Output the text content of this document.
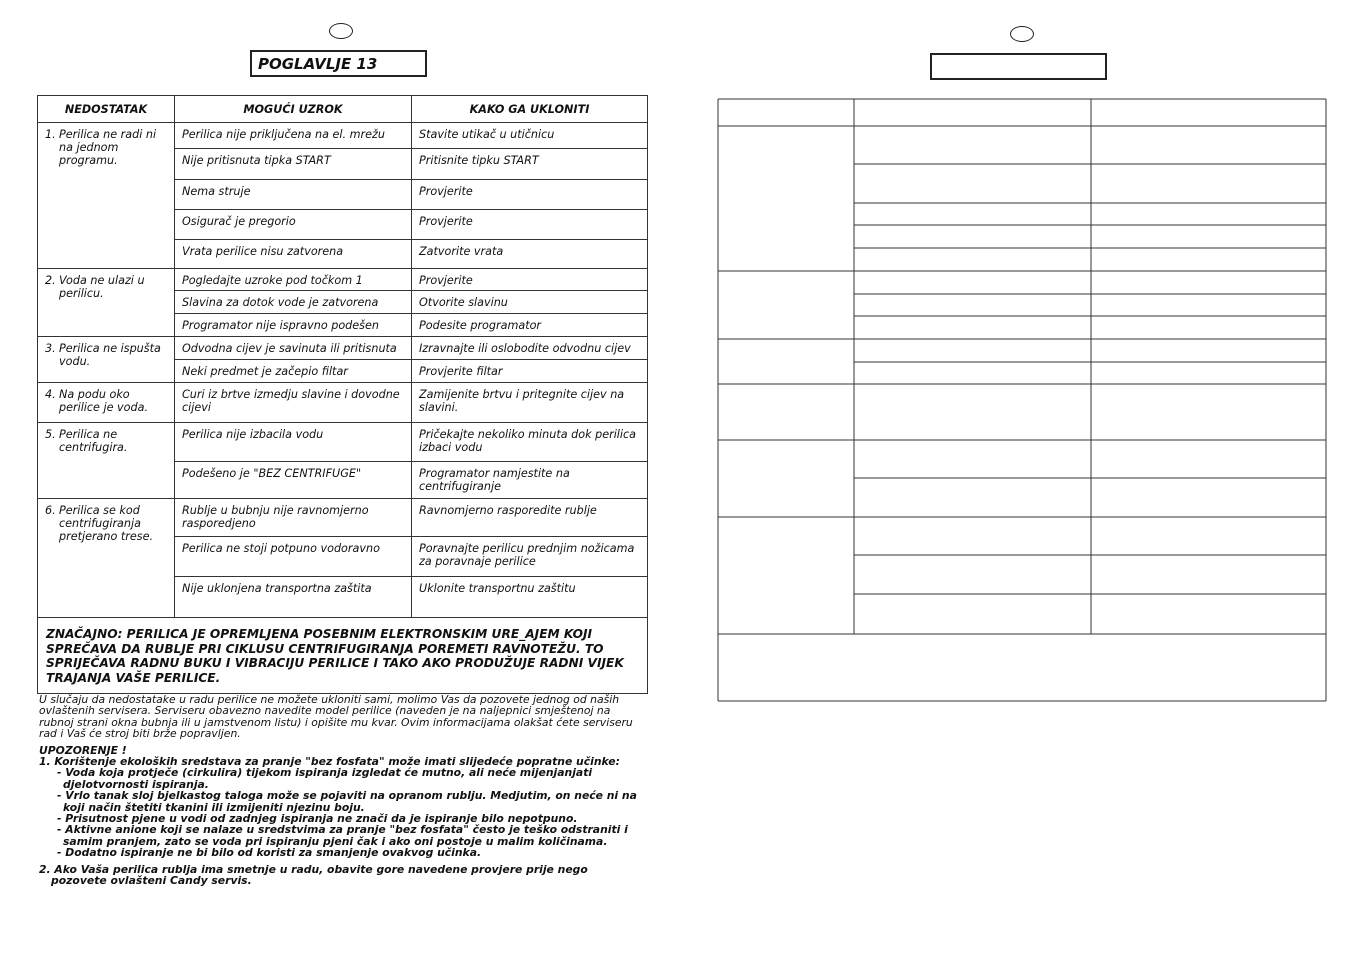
POGLAVLJE 13
NEDOSTATAK	MOGUĆI UZROK	KAKO GA UKLONITI

1. Perilica ne radi ni na jednom programu.	Perilica nije priključena na el. mrežu	Stavite utikač u utičnicu
	Nije pritisnuta tipka START	Pritisnite tipku START
	Nema struje	Provjerite
	Osigurač je pregorio	Provjerite
	Vrata perilice nisu zatvorena	Zatvorite vrata

2. Voda ne ulazi u perilicu.	Pogledajte uzroke pod točkom 1	Provjerite
	Slavina za dotok vode je zatvorena	Otvorite slavinu
	Programator nije ispravno podešen	Podesite programator

3. Perilica ne ispušta vodu.	Odvodna cijev je savinuta ili pritisnuta	Izravnajte ili oslobodite odvodnu cijev
	Neki predmet je začepio filtar	Provjerite filtar

4. Na podu oko perilice je voda.	Curi iz brtve izmedju slavine i dovodne cijevi	Zamijenite brtvu i pritegnite cijev na slavini.

5. Perilica ne centrifugira.	Perilica nije izbacila vodu	Pričekajte nekoliko minuta dok perilica izbaci vodu
	Podešeno je "BEZ CENTRIFUGE"	Programator namjestite na centrifugiranje

6. Perilica se kod centrifugiranja pretjerano trese.	Rublje u bubnju nije ravnomjerno rasporedjeno	Ravnomjerno rasporedite rublje
	Perilica ne stoji potpuno vodoravno	Poravnajte perilicu prednjim nožicama za poravnaje perilice
	Nije uklonjena transportna zaštita	Uklonite transportnu zaštitu
ZNAČAJNO: PERILICA JE OPREMLJENA POSEBNIM ELEKTRONSKIM URE_AJEM KOJI SPREČAVA DA RUBLJE PRI CIKLUSU CENTRIFUGIRANJA POREMETI RAVNOTEŽU. TO SPRIJEČAVA RADNU BUKU I VIBRACIJU PERILICE I TAKO AKO PRODUŽUJE RADNI VIJEK TRAJANJA VAŠE PERILICE.		

U slučaju da nedostatake u radu perilice ne možete ukloniti sami, molimo Vas da pozovete jednog od naših ovlaštenih servisera. Serviseru obavezno navedite model perilice (naveden je na naljepnici smještenoj na rubnoj strani okna bubnja ili u jamstvenom listu) i opišite mu kvar. Ovim informacijama olakšat ćete serviseru rad i Vaš će stroj biti brže popravljen.

UPOZORENJE !

1. Korištenje ekoloških sredstava za pranje "bez fosfata" može imati slijedeće popratne učinke:

- Voda koja protječe (cirkulira) tijekom ispiranja izgledat će mutno, ali neće mijenjanjati djelotvornosti ispiranja.

- Vrlo tanak sloj bjelkastog taloga može se pojaviti na opranom rublju. Medjutim, on neće ni na koji način štetiti tkanini ili izmijeniti njezinu boju.

- Prisutnost pjene u vodi od zadnjeg ispiranja ne znači da je ispiranje bilo nepotpuno.

- Aktivne anione koji se nalaze u sredstvima za pranje "bez fosfata" često je teško odstraniti i samim pranjem, zato se voda pri ispiranju pjeni čak i ako oni postoje u malim količinama.

- Dodatno ispiranje ne bi bilo od koristi za smanjenje ovakvog učinka.

2. Ako Vaša perilica rublja ima smetnje u radu, obavite gore navedene provjere prije nego pozovete ovlašteni Candy servis.
